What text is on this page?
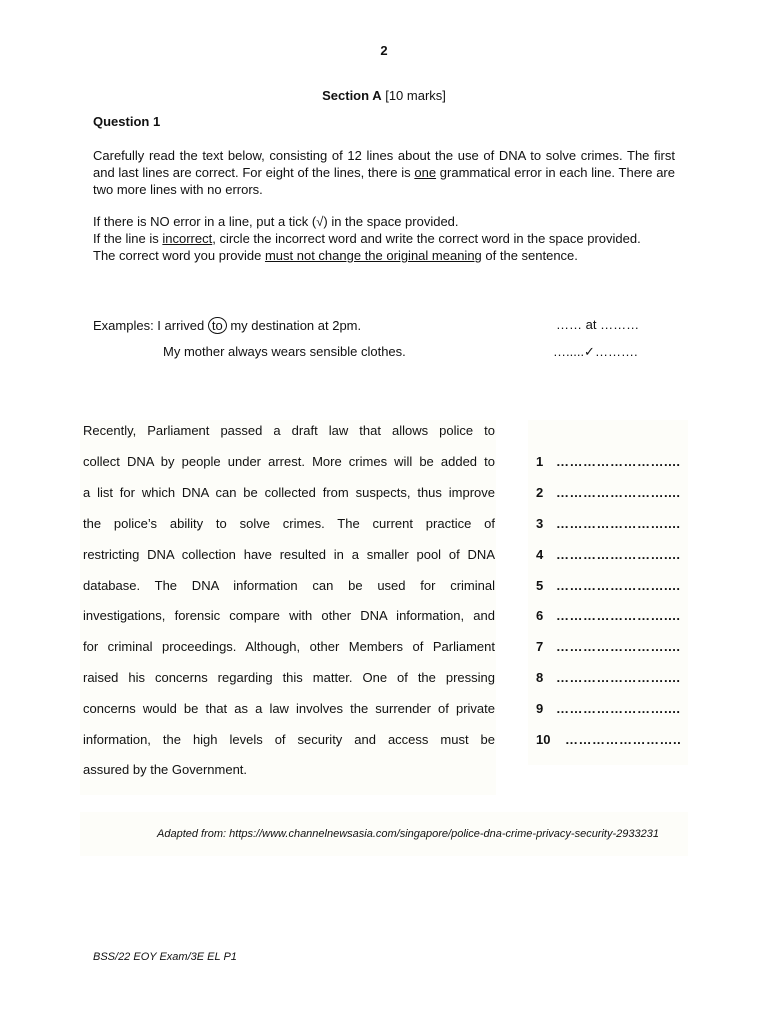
2
Section A [10 marks]
Question 1
Carefully read the text below, consisting of 12 lines about the use of DNA to solve crimes. The first and last lines are correct. For eight of the lines, there is one grammatical error in each line. There are two more lines with no errors.
If there is NO error in a line, put a tick (√) in the space provided.
If the line is incorrect, circle the incorrect word and write the correct word in the space provided.
The correct word you provide must not change the original meaning of the sentence.
Examples: I arrived to my destination at 2pm.	…… at ………
My mother always wears sensible clothes.	….....✓……….
Recently, Parliament passed a draft law that allows police to
collect DNA by people under arrest. More crimes will be added to
a list for which DNA can be collected from suspects, thus improve
the police’s ability to solve crimes. The current practice of
restricting DNA collection have resulted in a smaller pool of DNA
database. The DNA information can be used for criminal
investigations, forensic compare with other DNA information, and
for criminal proceedings. Although, other Members of Parliament
raised his concerns regarding this matter. One of the pressing
concerns would be that as a law involves the surrender of private
information, the high levels of security and access must be
assured by the Government.
1 ……………………....
2 ……………………....
3 ……………………....
4 ……………………....
5 ……………………....
6 ……………………....
7 ……………………....
8 ……………………....
9 ……………………....
10 ……………………..
Adapted from: https://www.channelnewsasia.com/singapore/police-dna-crime-privacy-security-2933231
BSS/22 EOY Exam/3E EL P1
